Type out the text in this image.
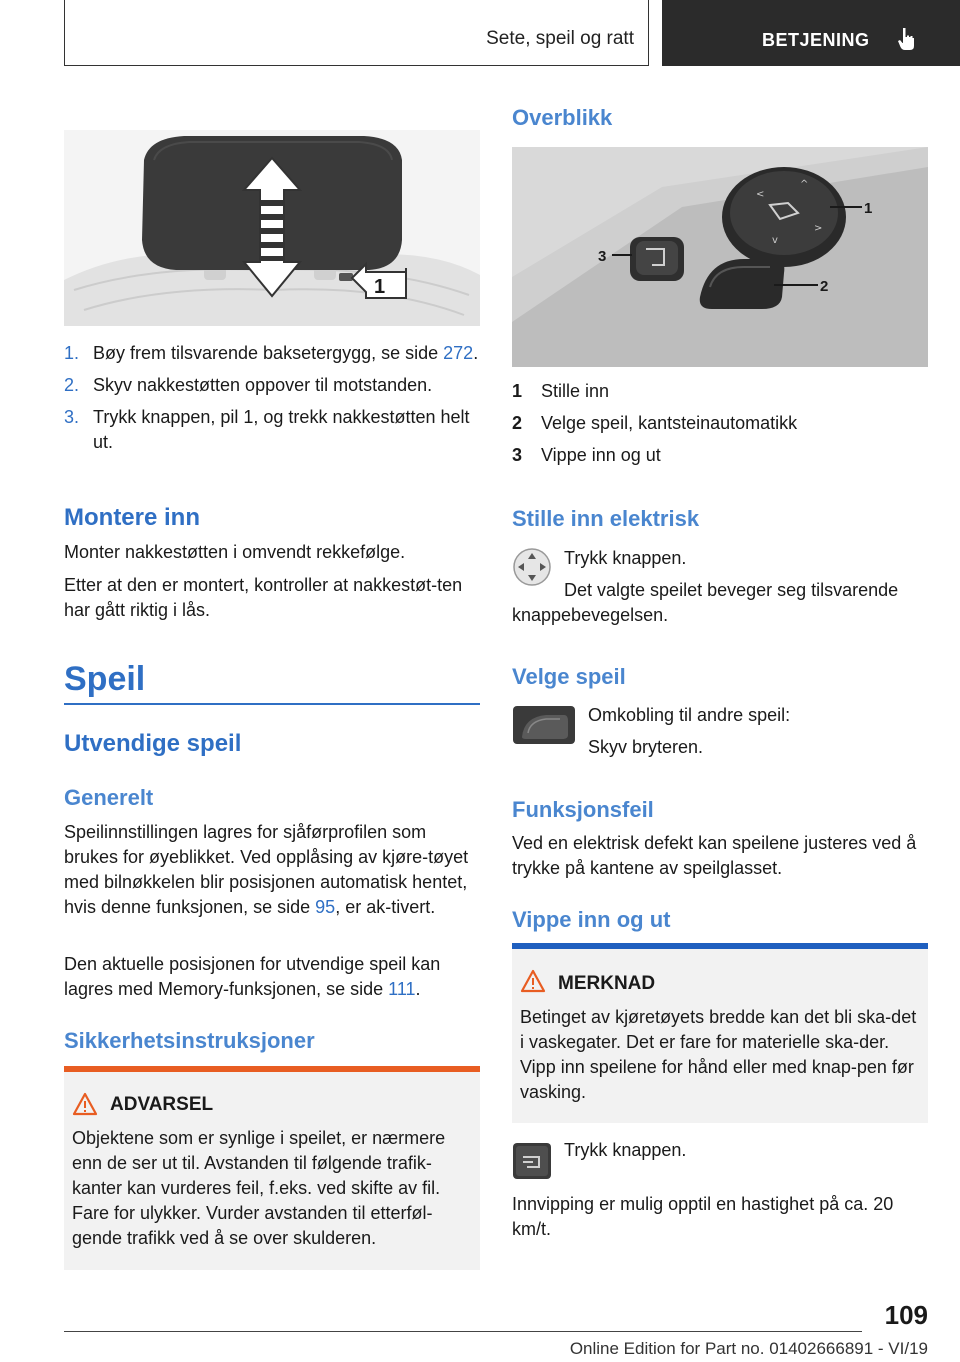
Sete, speil og ratt	BETJENING
1
1. Bøy frem tilsvarende baksetergygg, se side 272.
2. Skyv nakkestøtten oppover til motstanden.
3. Trykk knappen, pil 1, og trekk nakkestøtten helt ut.
Montere inn

Monter nakkestøtten i omvendt rekkefølge.

Etter at den er montert, kontroller at nakkestøt-ten har gått riktig i lås.

Speil
Utvendige speil
Generelt

Speilinnstillingen lagres for sjåførprofilen som brukes for øyeblikket. Ved opplåsing av kjøre-tøyet med bilnøkkelen blir posisjonen automatisk hentet, hvis denne funksjonen, se side 95, er ak-tivert.

Den aktuelle posisjonen for utvendige speil kan lagres med Memory-funksjonen, se side 111.

Sikkerhetsinstruksjoner
ADVARSEL

Objektene som er synlige i speilet, er nærmere enn de ser ut til. Avstanden til følgende trafik-kanter kan vurderes feil, f.eks. ved skifte av fil. Fare for ulykker. Vurder avstanden til etterføl-gende trafikk ved å se over skulderen.

Overblikk
<
>
v
^
1
2
3
1 Stille inn
2 Velge speil, kantsteinautomatikk
3 Vippe inn og ut
Stille inn elektrisk

Trykk knappen.

Det valgte speilet beveger seg tilsvarende knappebevegelsen.

Velge speil

Omkobling til andre speil:

Skyv bryteren.

Funksjonsfeil

Ved en elektrisk defekt kan speilene justeres ved å trykke på kantene av speilglasset.

Vippe inn og ut
MERKNAD

Betinget av kjøretøyets bredde kan det bli ska-det i vaskegater. Det er fare for materielle ska-der. Vipp inn speilene for hånd eller med knap-pen før vasking.

Trykk knappen.

Innvipping er mulig opptil en hastighet på ca. 20 km/t.

109
Online Edition for Part no. 01402666891 - VI/19
